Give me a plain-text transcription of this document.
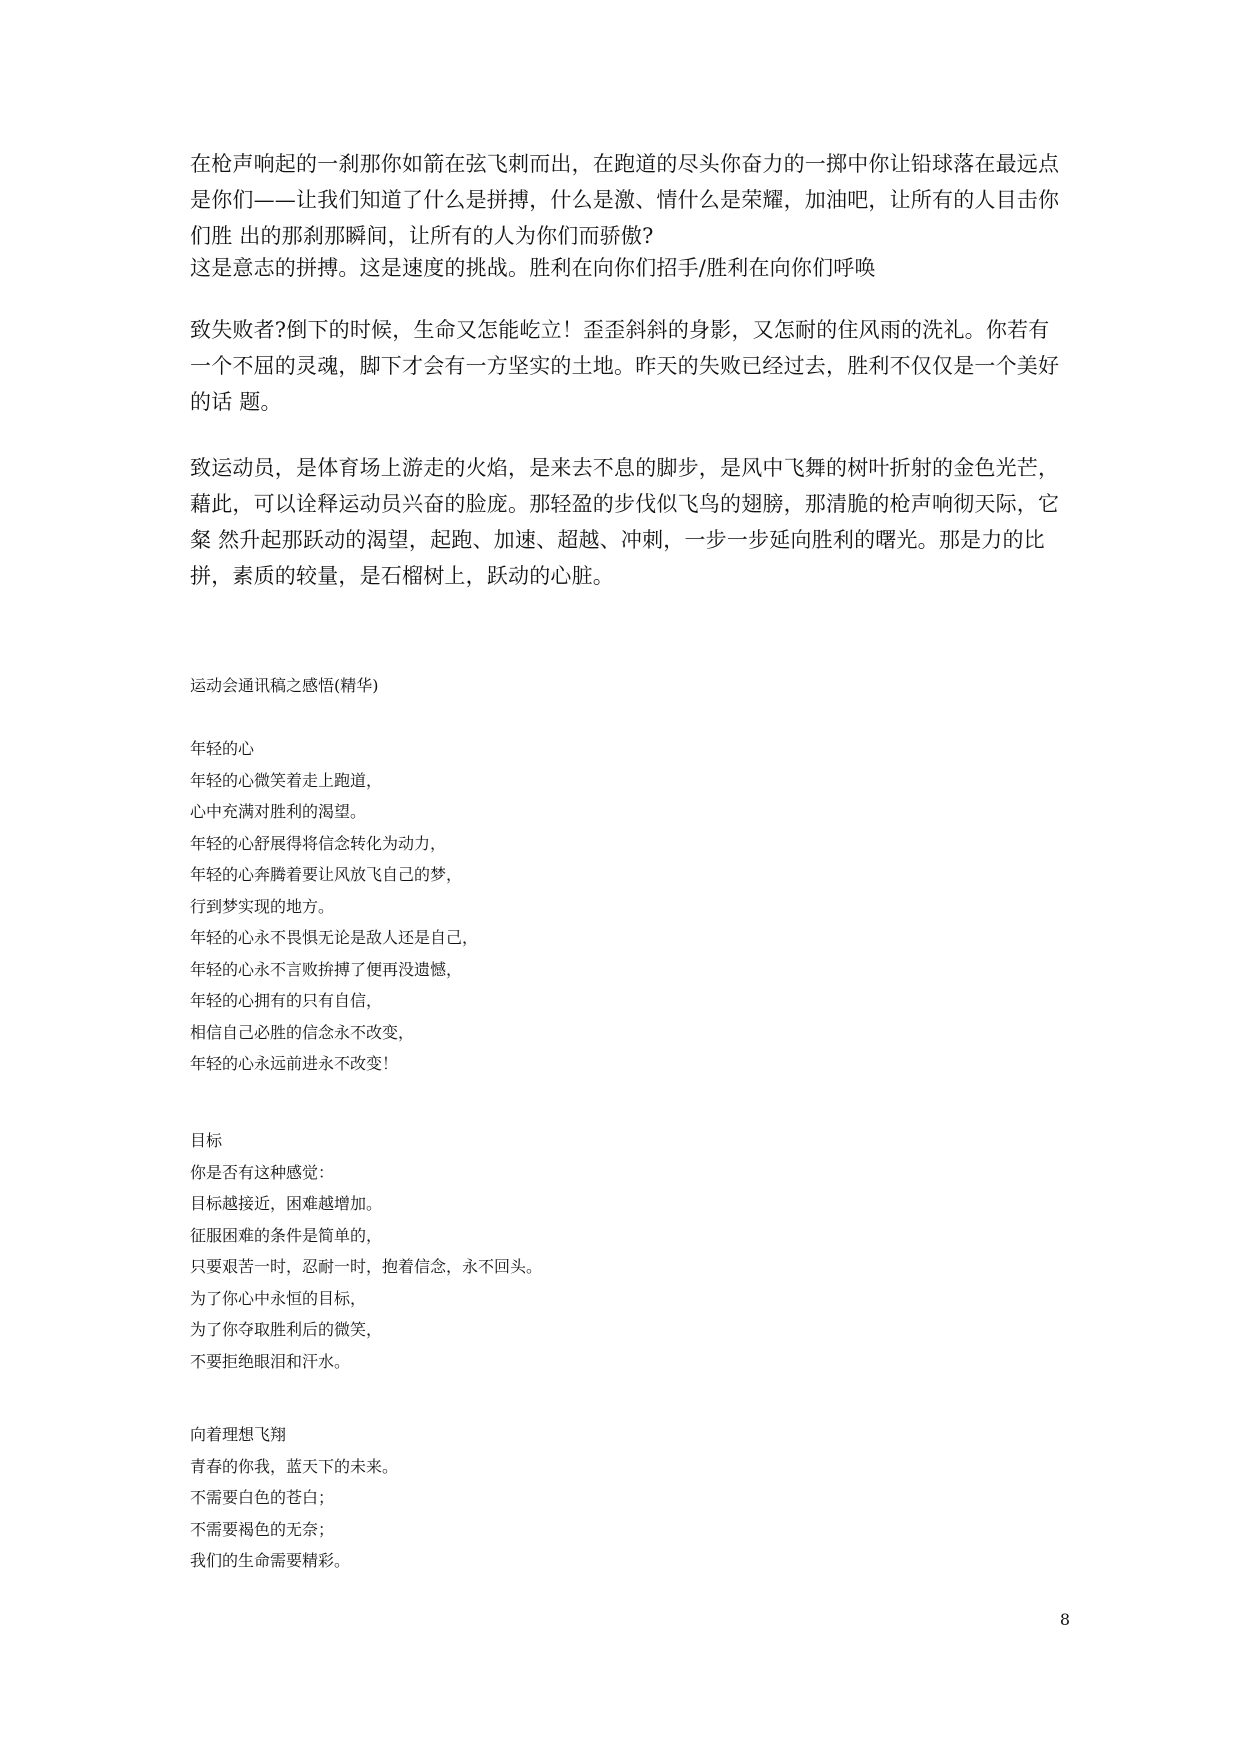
在枪声响起的一刹那你如箭在弦飞刺而出，在跑道的尽头你奋力的一掷中你让铅球落在最远点是你们——让我们知道了什么是拼搏，什么是激、情什么是荣耀，加油吧，让所有的人目击你们胜 出的那刹那瞬间，让所有的人为你们而骄傲?

这是意志的拼搏。这是速度的挑战。胜利在向你们招手/胜利在向你们呼唤

致失败者?倒下的时候，生命又怎能屹立！歪歪斜斜的身影，又怎耐的住风雨的洗礼。你若有一个不屈的灵魂，脚下才会有一方坚实的土地。昨天的失败已经过去，胜利不仅仅是一个美好的话 题。

致运动员，是体育场上游走的火焰，是来去不息的脚步，是风中飞舞的树叶折射的金色光芒，藉此，可以诠释运动员兴奋的脸庞。那轻盈的步伐似飞鸟的翅膀，那清脆的枪声响彻天际，它粲 然升起那跃动的渴望，起跑、加速、超越、冲刺，一步一步延向胜利的曙光。那是力的比拼，素质的较量，是石榴树上，跃动的心脏。

运动会通讯稿之感悟(精华)
年轻的心
年轻的心微笑着走上跑道，
心中充满对胜利的渴望。
年轻的心舒展得将信念转化为动力，
年轻的心奔腾着要让风放飞自己的梦，
行到梦实现的地方。
年轻的心永不畏惧无论是敌人还是自己，
年轻的心永不言败拚搏了便再没遗憾，
年轻的心拥有的只有自信，
相信自己必胜的信念永不改变，
年轻的心永远前进永不改变！
目标
你是否有这种感觉：
目标越接近，困难越增加。
征服困难的条件是简单的，
只要艰苦一时，忍耐一时，抱着信念，永不回头。
为了你心中永恒的目标，
为了你夺取胜利后的微笑，
不要拒绝眼泪和汗水。
向着理想飞翔
青春的你我，蓝天下的未来。
不需要白色的苍白；
不需要褐色的无奈；
我们的生命需要精彩。
8
